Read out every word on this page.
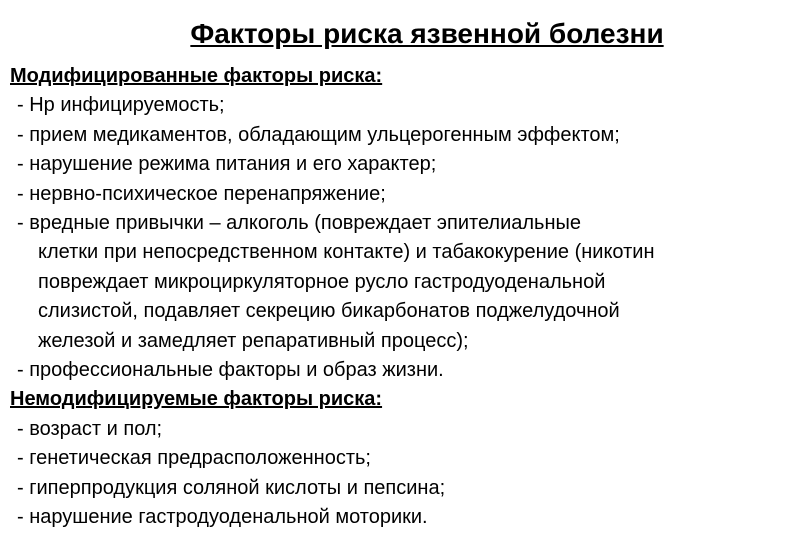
Факторы риска язвенной болезни
Модифицированные факторы риска:
- Hp инфицируемость;
- прием медикаментов, обладающим ульцерогенным эффектом;
- нарушение режима питания и его характер;
- нервно-психическое перенапряжение;
- вредные привычки – алкоголь (повреждает эпителиальные
клетки при непосредственном контакте) и табакокурение (никотин
повреждает микроциркуляторное русло гастродуоденальной
слизистой, подавляет секрецию бикарбонатов поджелудочной
железой и замедляет репаративный процесс);
- профессиональные факторы и образ жизни.
Немодифицируемые факторы риска:
- возраст и пол;
- генетическая предрасположенность;
- гиперпродукция соляной кислоты и пепсина;
- нарушение гастродуоденальной моторики.
